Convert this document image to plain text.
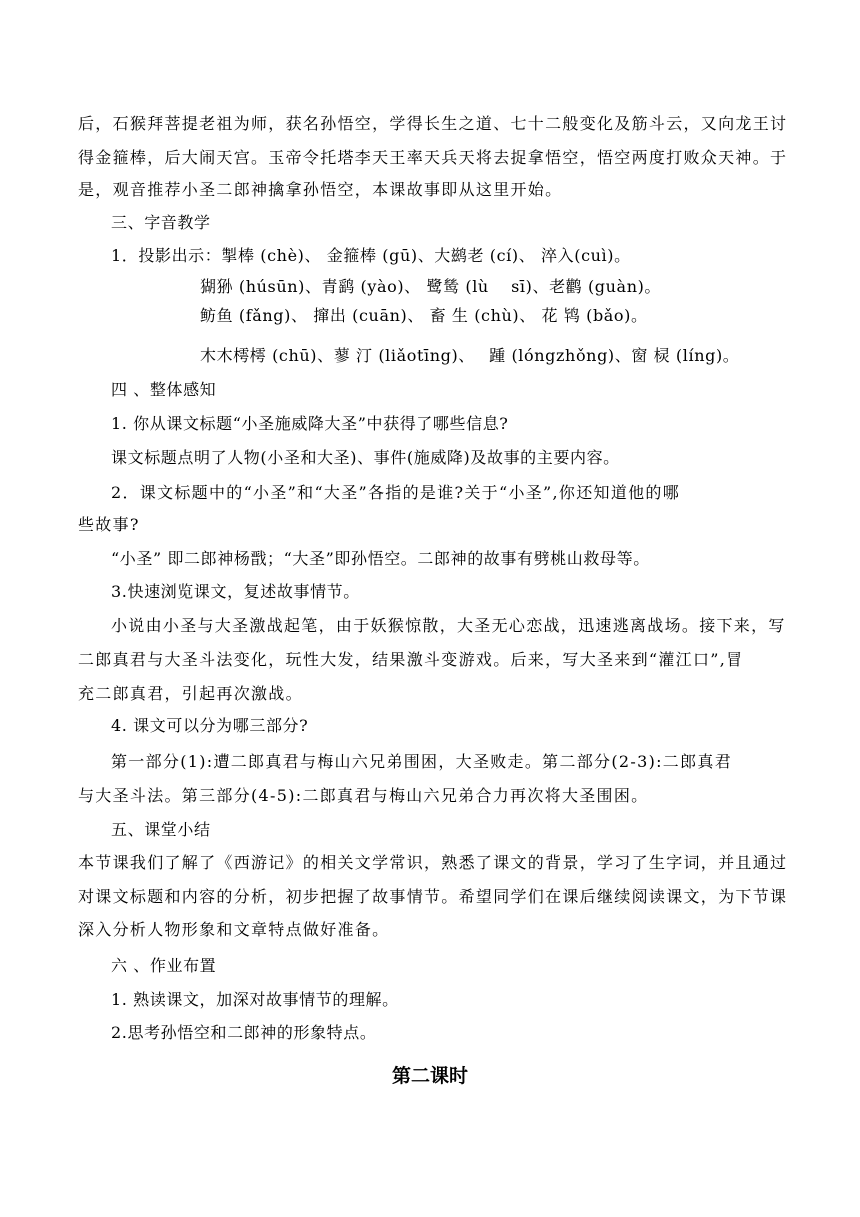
后，石猴拜菩提老祖为师，获名孙悟空，学得长生之道、七十二般变化及筋斗云，又向龙王讨
得金箍棒，后大闹天宫。玉帝令托塔李天王率天兵天将去捉拿悟空，悟空两度打败众天神。于
是，观音推荐小圣二郎神擒拿孙悟空，本课故事即从这里开始。
三、字音教学
1．投影出示：掣棒 (chè)、 金箍棒 (gū)、大鹚老 (cí)、 淬入(cuì)。
猢狲 (húsūn)、青鹞 (yào)、 鹭鸶 (lù　 sī)、老鹳 (guàn)。
鲂鱼 (fǎng)、 撺出 (cuān)、 畜 生 (chù)、 花 鸨 (bǎo)。
木木樗樗 (chū)、蓼 汀 (liǎotīng)、　 踵 (lóngzhǒng)、窗 棂 (líng)。
四 、整体感知
1. 你从课文标题“小圣施威降大圣”中获得了哪些信息?
课文标题点明了人物(小圣和大圣)、事件(施威降)及故事的主要内容。
2．课文标题中的“小圣”和“大圣”各指的是谁?关于“小圣”,你还知道他的哪
些故事?
“小圣” 即二郎神杨戬；“大圣”即孙悟空。二郎神的故事有劈桃山救母等。
3.快速浏览课文，复述故事情节。
小说由小圣与大圣激战起笔，由于妖猴惊散，大圣无心恋战，迅速逃离战场。接下来，写
二郎真君与大圣斗法变化，玩性大发，结果激斗变游戏。后来，写大圣来到“灌江口”,冒
充二郎真君，引起再次激战。
4. 课文可以分为哪三部分?
第一部分(1):遭二郎真君与梅山六兄弟围困，大圣败走。第二部分(2-3):二郎真君
与大圣斗法。第三部分(4-5):二郎真君与梅山六兄弟合力再次将大圣围困。
五、课堂小结
本节课我们了解了《西游记》的相关文学常识，熟悉了课文的背景，学习了生字词，并且通过
对课文标题和内容的分析，初步把握了故事情节。希望同学们在课后继续阅读课文，为下节课
深入分析人物形象和文章特点做好准备。
六 、作业布置
1. 熟读课文，加深对故事情节的理解。
2.思考孙悟空和二郎神的形象特点。
第二课时
